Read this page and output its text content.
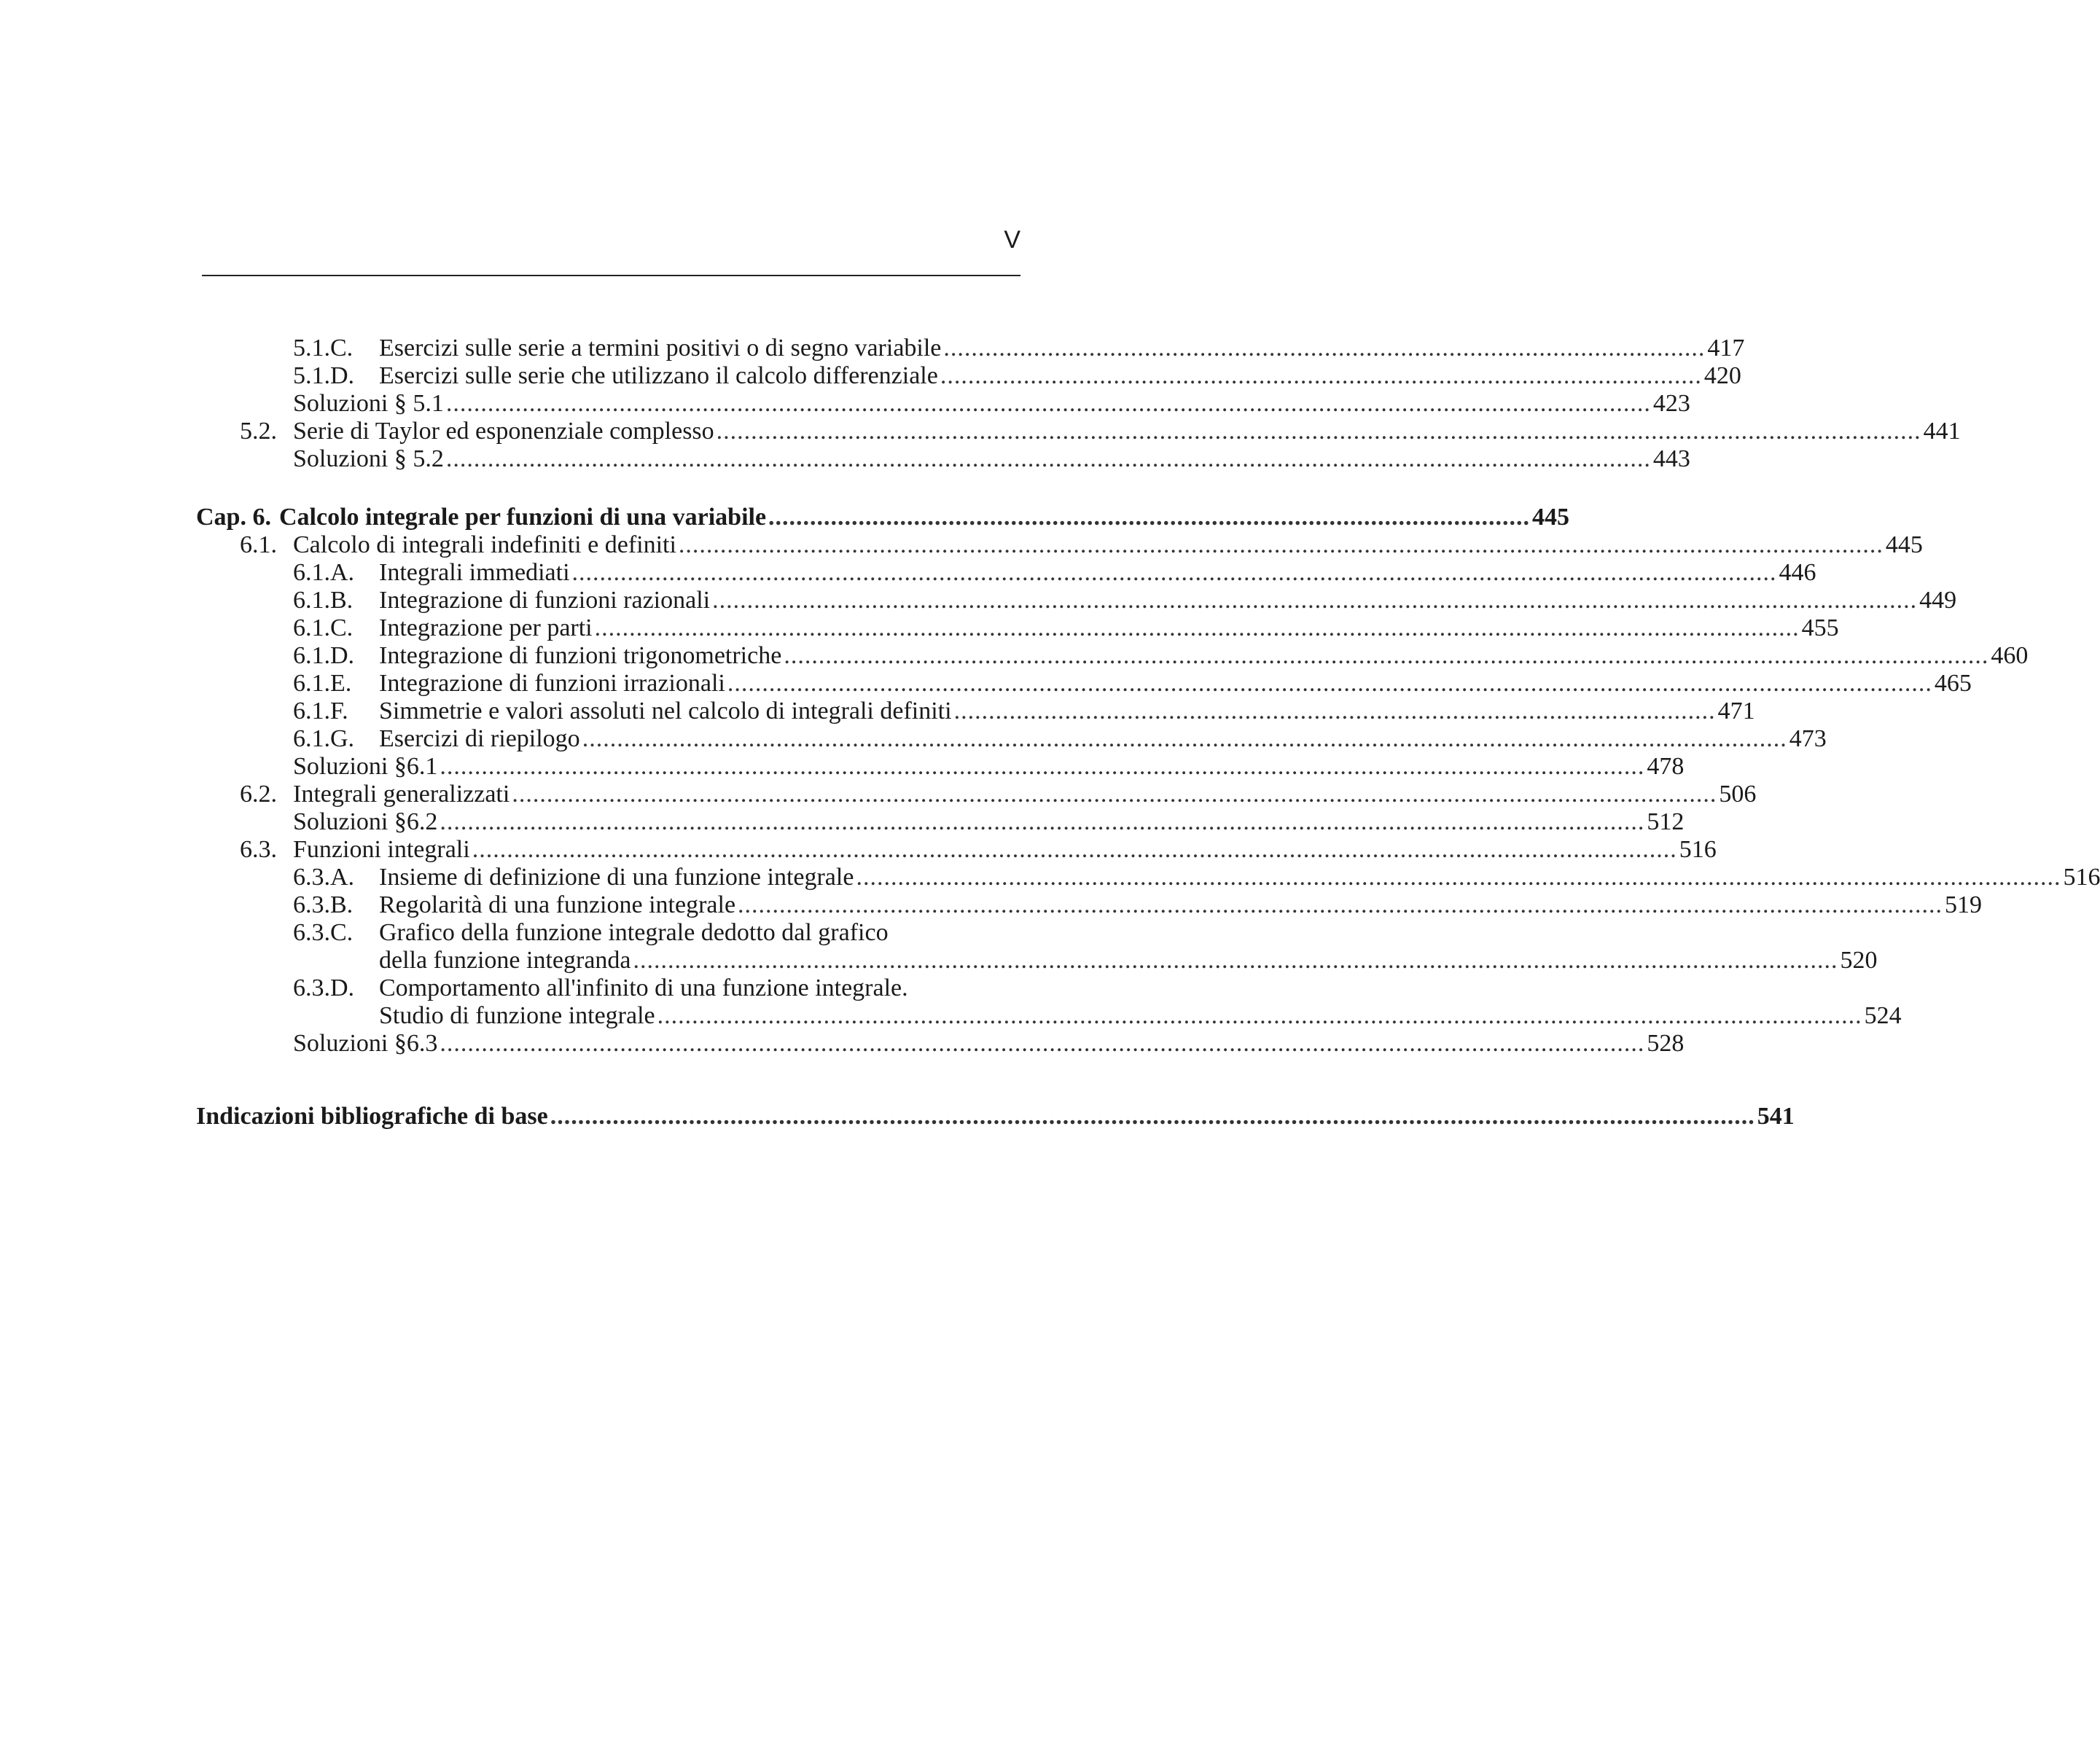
V
5.1.C.	Esercizi sulle serie a termini positivi o di segno variabile .............................................................................................................. 417
5.1.D. Esercizi sulle serie che utilizzano il calcolo differenziale .............................................................................................................. 420
Soluzioni § 5.1 .............................................................................................................................................................................. 423
5.2. Serie di Taylor ed esponenziale complesso .............................................................................................................................................................................. 441
Soluzioni § 5.2 .............................................................................................................................................................................. 443
Cap. 6. Calcolo integrale per funzioni di una variabile .............................................................................................................. 445
6.1. Calcolo di integrali indefiniti e definiti .............................................................................................................................................................................. 445
6.1.A. Integrali immediati .............................................................................................................................................................................. 446
6.1.B.	Integrazione di funzioni razionali .............................................................................................................................................................................. 449
6.1.C.	Integrazione per parti .............................................................................................................................................................................. 455
6.1.D. Integrazione di funzioni trigonometriche .............................................................................................................................................................................. 460
6.1.E.	Integrazione di funzioni irrazionali .............................................................................................................................................................................. 465
6.1.F.	Simmetrie e valori assoluti nel calcolo di integrali definiti .............................................................................................................. 471
6.1.G. Esercizi di riepilogo .............................................................................................................................................................................. 473
Soluzioni §6.1 .............................................................................................................................................................................. 478
6.2. Integrali generalizzati .............................................................................................................................................................................. 506
Soluzioni §6.2 .............................................................................................................................................................................. 512
6.3. Funzioni integrali .............................................................................................................................................................................. 516
6.3.A. Insieme di definizione di una funzione integrale .............................................................................................................................................................................. 516
6.3.B.	Regolarità di una funzione integrale .............................................................................................................................................................................. 519
6.3.C.	Grafico della funzione integrale dedotto dal grafico
della funzione integranda .............................................................................................................................................................................. 520
6.3.D. Comportamento all'infinito di una funzione integrale.
Studio di funzione integrale .............................................................................................................................................................................. 524
Soluzioni §6.3 .............................................................................................................................................................................. 528
Indicazioni bibliografiche di base .............................................................................................................................................................................. 541
